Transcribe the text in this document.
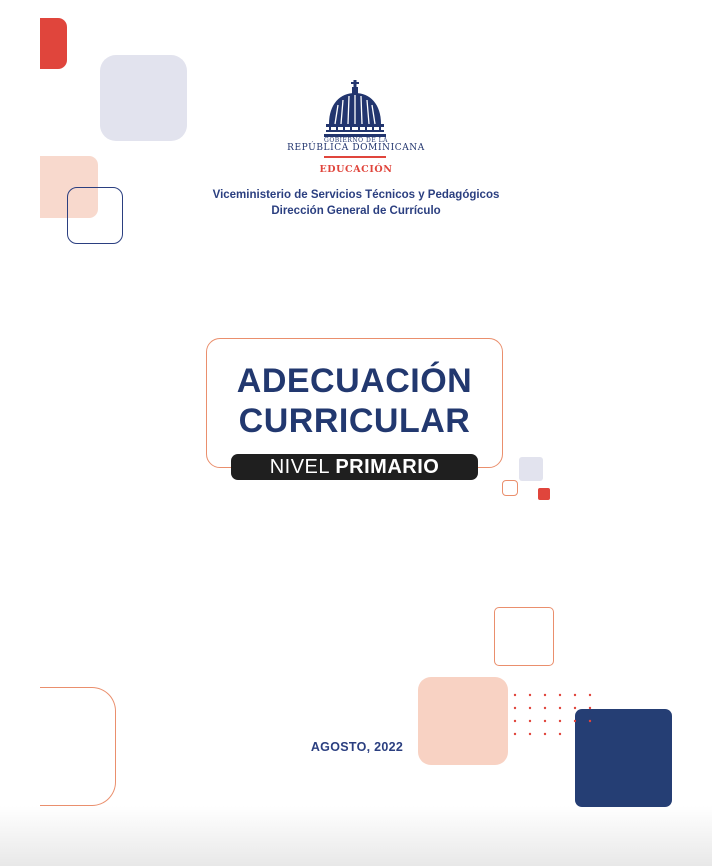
GOBIERNO DE LA
REPÚBLICA DOMINICANA
EDUCACIÓN
Viceministerio de Servicios Técnicos y Pedagógicos
Dirección General de Currículo
ADECUACIÓN
CURRICULAR
NIVEL PRIMARIO
AGOSTO, 2022
